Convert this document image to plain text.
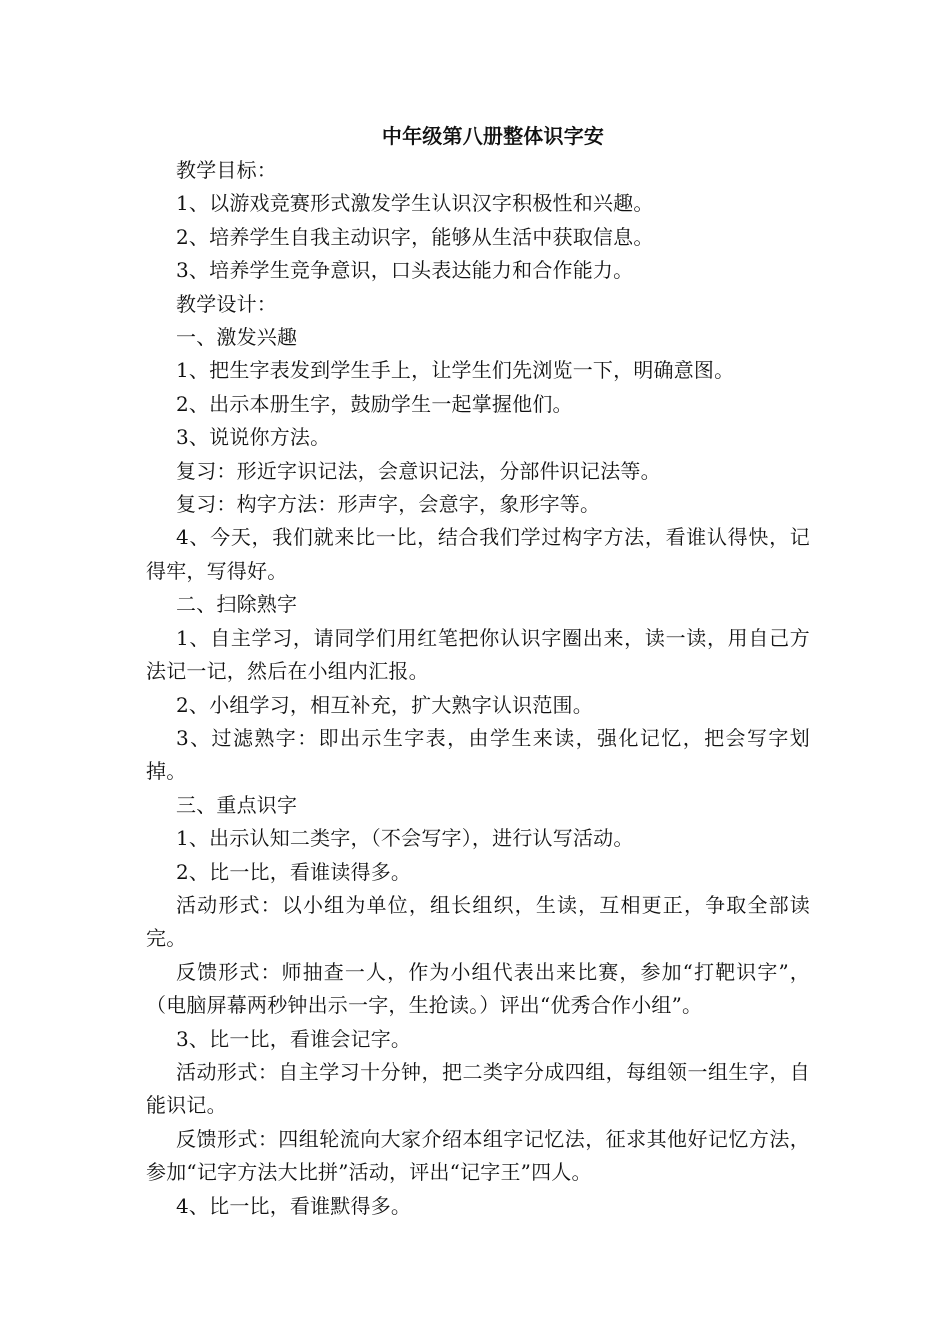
中年级第八册整体识字安

教学目标：

1、以游戏竞赛形式激发学生认识汉字积极性和兴趣。

2、培养学生自我主动识字，能够从生活中获取信息。

3、培养学生竞争意识，口头表达能力和合作能力。

教学设计：

一、激发兴趣

1、把生字表发到学生手上，让学生们先浏览一下，明确意图。

2、出示本册生字，鼓励学生一起掌握他们。

3、说说你方法。

复习：形近字识记法，会意识记法，分部件识记法等。

复习：构字方法：形声字，会意字，象形字等。

4、今天，我们就来比一比，结合我们学过构字方法，看谁认得快，记得牢，写得好。

二、扫除熟字

1、自主学习，请同学们用红笔把你认识字圈出来，读一读，用自己方法记一记，然后在小组内汇报。

2、小组学习，相互补充，扩大熟字认识范围。

3、过滤熟字：即出示生字表，由学生来读，强化记忆，把会写字划掉。

三、重点识字

1、出示认知二类字，（不会写字），进行认写活动。

2、比一比，看谁读得多。

活动形式：以小组为单位，组长组织，生读，互相更正，争取全部读完。

反馈形式：师抽查一人，作为小组代表出来比赛，参加“打靶识字”，（电脑屏幕两秒钟出示一字，生抢读。）评出“优秀合作小组”。

3、比一比，看谁会记字。

活动形式：自主学习十分钟，把二类字分成四组，每组领一组生字，自能识记。

反馈形式：四组轮流向大家介绍本组字记忆法，征求其他好记忆方法，参加“记字方法大比拼”活动，评出“记字王”四人。

4、比一比，看谁默得多。
